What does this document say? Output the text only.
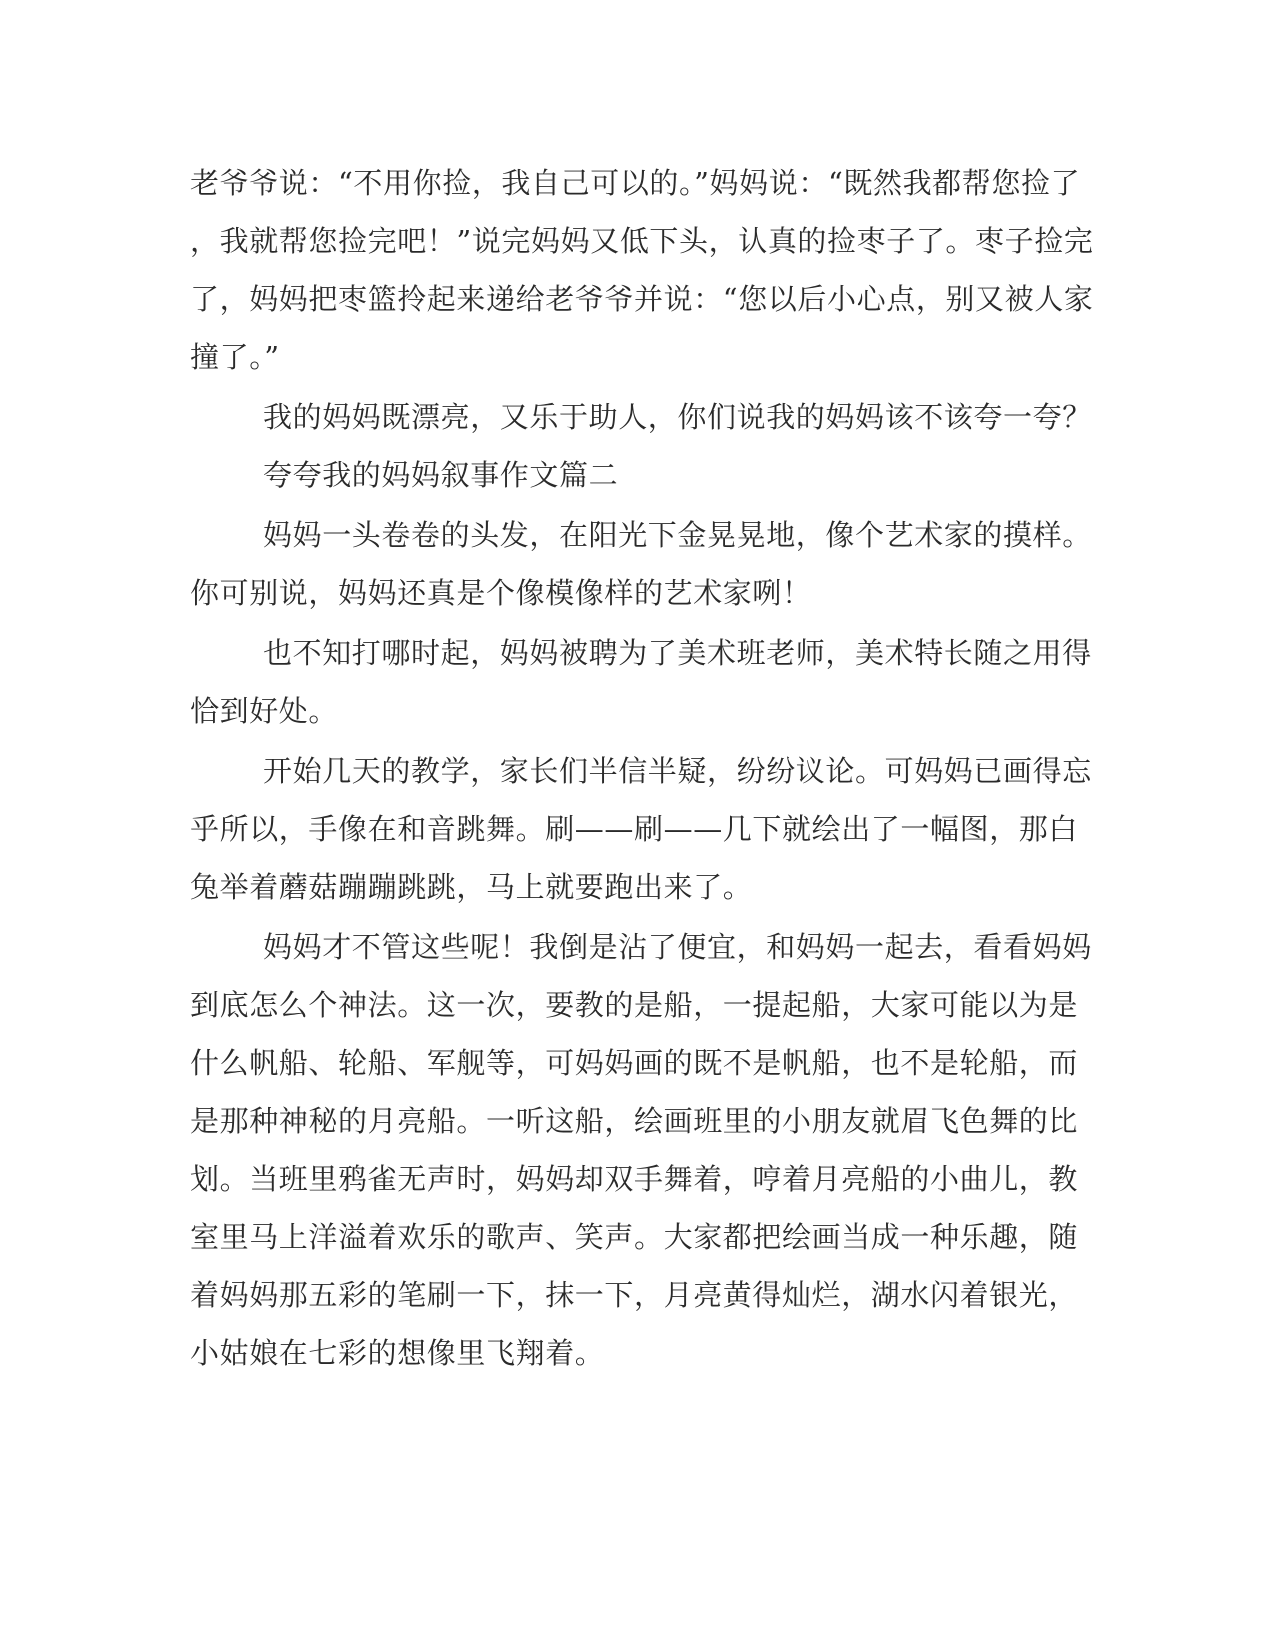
老爷爷说：“不用你捡，我自己可以的。”妈妈说：“既然我都帮您捡了
，我就帮您捡完吧！”说完妈妈又低下头，认真的捡枣子了。枣子捡完
了，妈妈把枣篮拎起来递给老爷爷并说：“您以后小心点，别又被人家
撞了。”
我的妈妈既漂亮，又乐于助人，你们说我的妈妈该不该夸一夸？
夸夸我的妈妈叙事作文篇二
妈妈一头卷卷的头发，在阳光下金晃晃地，像个艺术家的摸样。
你可别说，妈妈还真是个像模像样的艺术家咧！
也不知打哪时起，妈妈被聘为了美术班老师，美术特长随之用得
恰到好处。
开始几天的教学，家长们半信半疑，纷纷议论。可妈妈已画得忘
乎所以，手像在和音跳舞。刷——刷——几下就绘出了一幅图，那白
兔举着蘑菇蹦蹦跳跳，马上就要跑出来了。
妈妈才不管这些呢！我倒是沾了便宜，和妈妈一起去，看看妈妈
到底怎么个神法。这一次，要教的是船，一提起船，大家可能以为是
什么帆船、轮船、军舰等，可妈妈画的既不是帆船，也不是轮船，而
是那种神秘的月亮船。一听这船，绘画班里的小朋友就眉飞色舞的比
划。当班里鸦雀无声时，妈妈却双手舞着，哼着月亮船的小曲儿，教
室里马上洋溢着欢乐的歌声、笑声。大家都把绘画当成一种乐趣，随
着妈妈那五彩的笔刷一下，抹一下，月亮黄得灿烂，湖水闪着银光，
小姑娘在七彩的想像里飞翔着。
